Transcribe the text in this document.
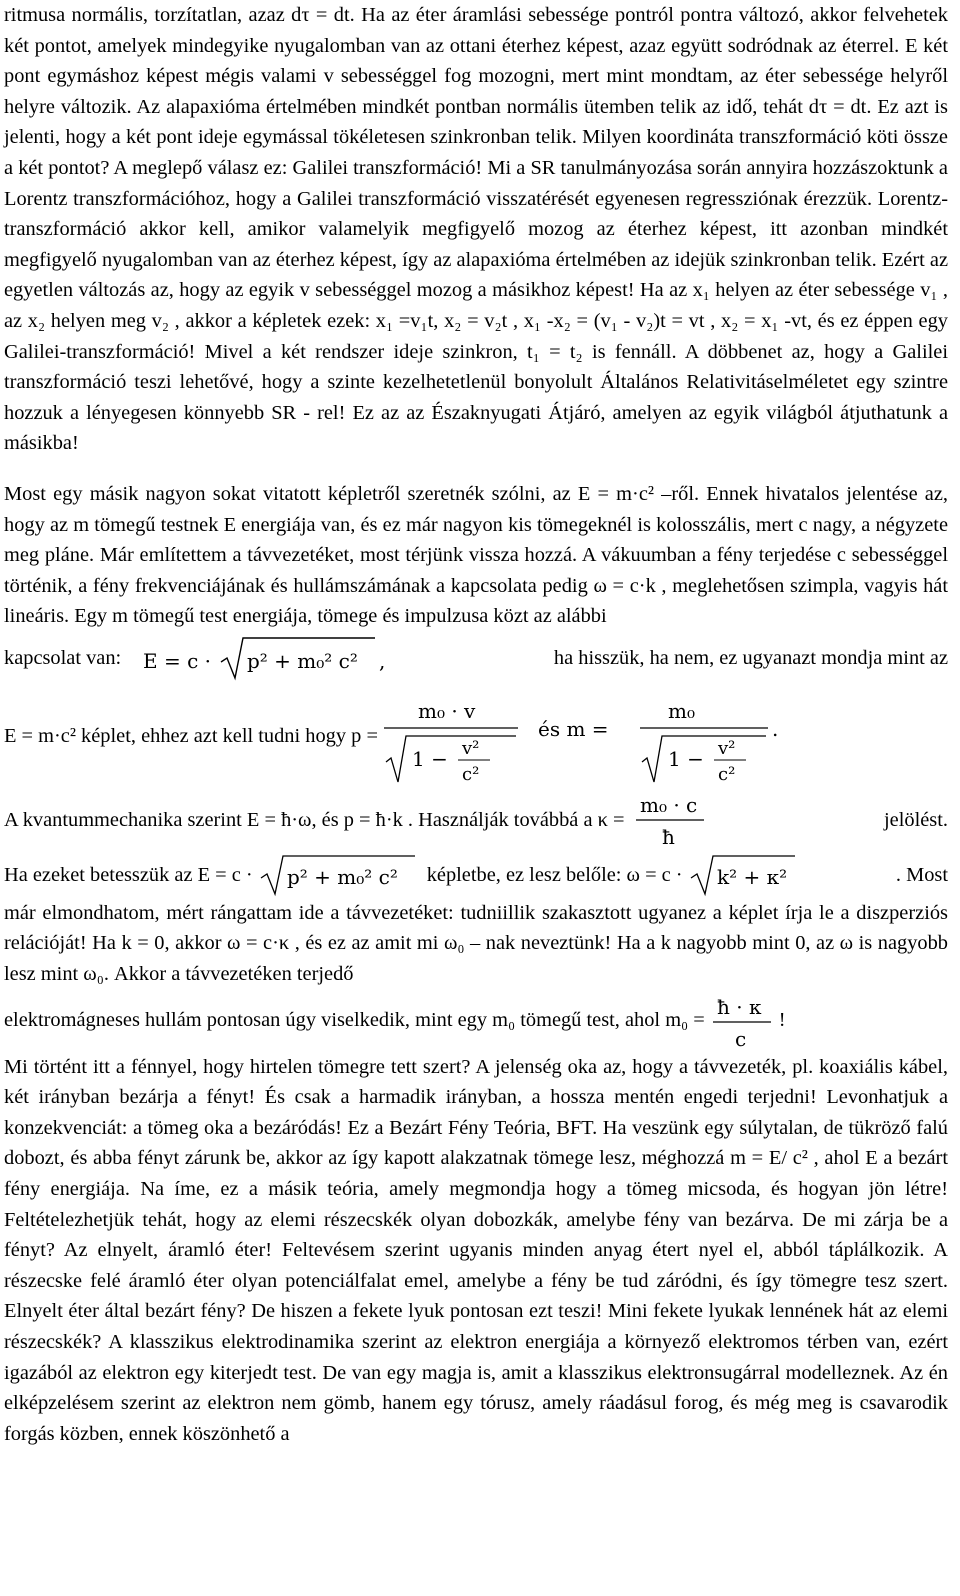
ritmusa normális, torzítatlan, azaz dτ = dt. Ha az éter áramlási sebessége pontról pontra változó, akkor felvehetek két pontot, amelyek mindegyike nyugalomban van az ottani éterhez képest, azaz együtt sodródnak az éterrel. E két pont egymáshoz képest mégis valami v sebességgel fog mozogni, mert mint mondtam, az éter sebessége helyről helyre változik. Az alapaxióma értelmében mindkét pontban normális ütemben telik az idő, tehát dτ = dt. Ez azt is jelenti, hogy a két pont ideje egymással tökéletesen szinkronban telik. Milyen koordináta transzformáció köti össze a két pontot? A meglepő válasz ez: Galilei transzformáció! Mi a SR tanulmányozása során annyira hozzászoktunk a Lorentz transzformációhoz, hogy a Galilei transzformáció visszatérését egyenesen regressziónak érezzük. Lorentz-transzformáció akkor kell, amikor valamelyik megfigyelő mozog az éterhez képest, itt azonban mindkét megfigyelő nyugalomban van az éterhez képest, így az alapaxióma értelmében az idejük szinkronban telik. Ezért az egyetlen változás az, hogy az egyik v sebességgel mozog a másikhoz képest! Ha az x₁ helyen az éter sebessége v₁ , az x₂ helyen meg v₂ , akkor a képletek ezek: x₁ =v₁t, x₂ = v₂t , x₁ -x₂ = (v₁ - v₂)t = vt , x₂ = x₁ -vt, és ez éppen egy Galilei-transzformáció! Mivel a két rendszer ideje szinkron, t₁ = t₂ is fennáll. A döbbenet az, hogy a Galilei transzformáció teszi lehetővé, hogy a szinte kezelhetetlenül bonyolult Általános Relativitáselméletet egy szintre hozzuk a lényegesen könnyebb SR - rel! Ez az az Északnyugati Átjáró, amelyen az egyik világból átjuthatunk a másikba!

Most egy másik nagyon sokat vitatott képletről szeretnék szólni, az E = m·c² –ről. Ennek hivatalos jelentése az, hogy az m tömegű testnek E energiája van, és ez már nagyon kis tömegeknél is kolosszális, mert c nagy, a négyzete meg pláne. Már említettem a távvezetéket, most térjünk vissza hozzá. A vákuumban a fény terjedése c sebességgel történik, a fény frekvenciájának és hullámszámának a kapcsolata pedig ω = c·k , meglehetősen szimpla, vagyis hát lineáris. Egy m tömegű test energiája, tömege és impulzusa közt az alábbi

kapcsolat van: E = c · p² + m₀² c² ,	ha hisszük, ha nem, ez ugyanazt mondja mint az
E = m·c² képlet, ehhez azt kell tudni hogy p =
m₀ · v
1 − v²
c²
és m =
m₀
1 − v²
c²
.
A kvantummechanika szerint E = ħ·ω, és p = ħ·k . Használják továbbá a κ =
m₀ · c
ħ
jelölést.
Ha ezeket betesszük az E = c · p² + m₀² c² képletbe, ez lesz belőle: ω = c · k² + κ²	. Most

már elmondhatom, mért rángattam ide a távvezetéket: tudniillik szakasztott ugyanez a képlet írja le a diszperziós relációját! Ha k = 0, akkor ω = c·κ , és ez az amit mi ω₀ – nak neveztünk! Ha a k nagyobb mint 0, az ω is nagyobb lesz mint ω₀. Akkor a távvezetéken terjedő

elektromágneses hullám pontosan úgy viselkedik, mint egy m₀ tömegű test, ahol m₀ =
ħ · κ
c
!

Mi történt itt a fénnyel, hogy hirtelen tömegre tett szert? A jelenség oka az, hogy a távvezeték, pl. koaxiális kábel, két irányban bezárja a fényt! És csak a harmadik irányban, a hossza mentén engedi terjedni! Levonhatjuk a konzekvenciát: a tömeg oka a bezáródás! Ez a Bezárt Fény Teória, BFT. Ha veszünk egy súlytalan, de tükröző falú dobozt, és abba fényt zárunk be, akkor az így kapott alakzatnak tömege lesz, méghozzá m = E/ c² , ahol E a bezárt fény energiája. Na íme, ez a másik teória, amely megmondja hogy a tömeg micsoda, és hogyan jön létre! Feltételezhetjük tehát, hogy az elemi részecskék olyan dobozkák, amelybe fény van bezárva. De mi zárja be a fényt? Az elnyelt, áramló éter! Feltevésem szerint ugyanis minden anyag étert nyel el, abból táplálkozik. A részecske felé áramló éter olyan potenciálfalat emel, amelybe a fény be tud záródni, és így tömegre tesz szert. Elnyelt éter által bezárt fény? De hiszen a fekete lyuk pontosan ezt teszi! Mini fekete lyukak lennének hát az elemi részecskék? A klasszikus elektrodinamika szerint az elektron energiája a környező elektromos térben van, ezért igazából az elektron egy kiterjedt test. De van egy magja is, amit a klasszikus elektronsugárral modelleznek. Az én elképzelésem szerint az elektron nem gömb, hanem egy tórusz, amely ráadásul forog, és még meg is csavarodik forgás közben, ennek köszönhető a
